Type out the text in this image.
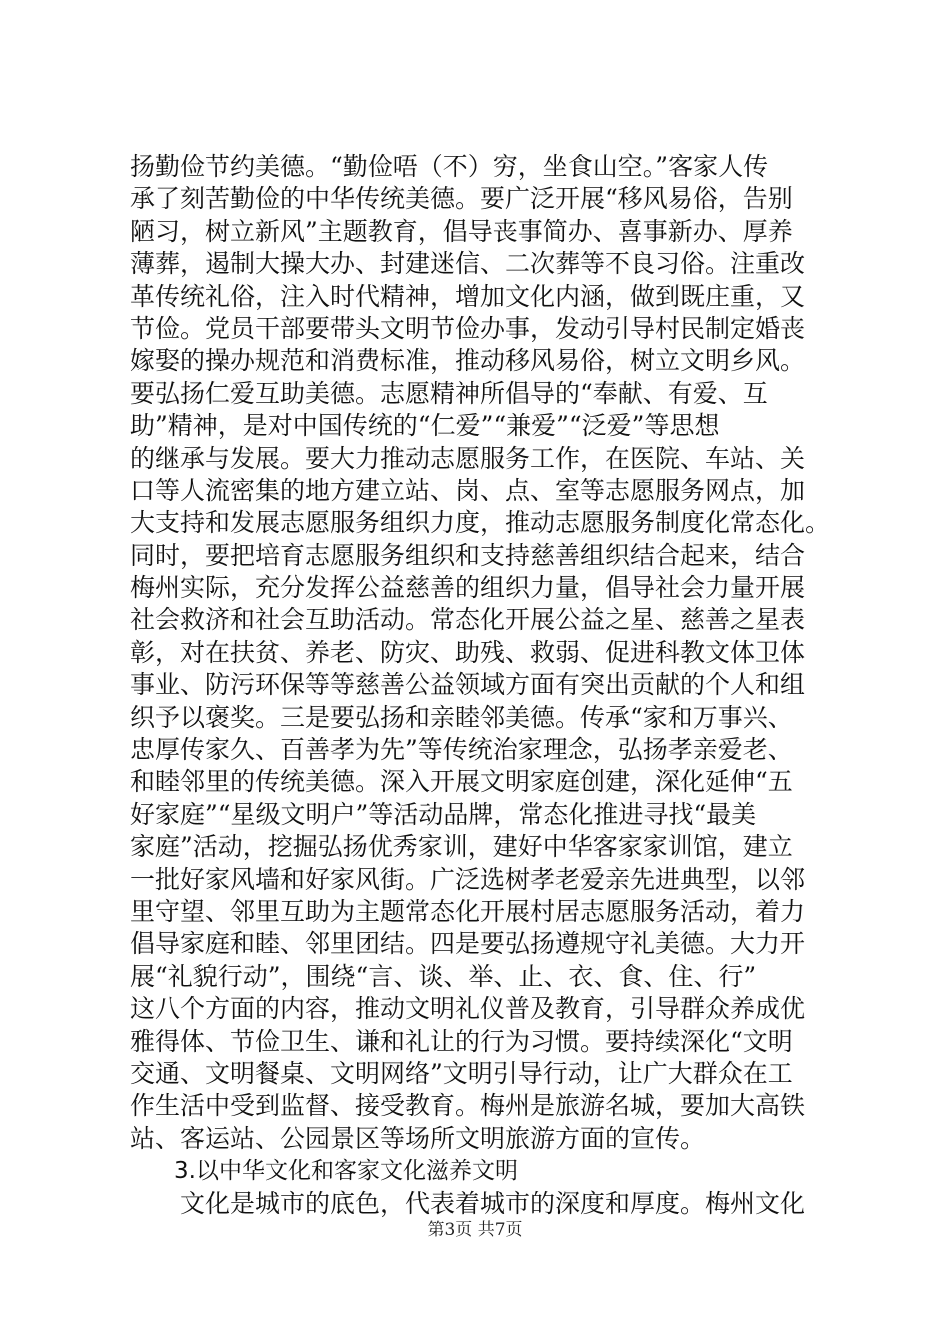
扬勤俭节约美德。“勤俭唔（不）穷，坐食山空。”客家人传
承了刻苦勤俭的中华传统美德。要广泛开展“移风易俗，告别
陋习，树立新风”主题教育，倡导丧事简办、喜事新办、厚养
薄葬，遏制大操大办、封建迷信、二次葬等不良习俗。注重改
革传统礼俗，注入时代精神，增加文化内涵，做到既庄重，又
节俭。党员干部要带头文明节俭办事，发动引导村民制定婚丧
嫁娶的操办规范和消费标准，推动移风易俗，树立文明乡风。
要弘扬仁爱互助美德。志愿精神所倡导的“奉献、有爱、互
助”精神，是对中国传统的“仁爱”“兼爱”“泛爱”等思想
的继承与发展。要大力推动志愿服务工作，在医院、车站、关
口等人流密集的地方建立站、岗、点、室等志愿服务网点，加
大支持和发展志愿服务组织力度，推动志愿服务制度化常态化。
同时，要把培育志愿服务组织和支持慈善组织结合起来，结合
梅州实际，充分发挥公益慈善的组织力量，倡导社会力量开展
社会救济和社会互助活动。常态化开展公益之星、慈善之星表
彰，对在扶贫、养老、防灾、助残、救弱、促进科教文体卫体
事业、防污环保等等慈善公益领域方面有突出贡献的个人和组
织予以褒奖。三是要弘扬和亲睦邻美德。传承“家和万事兴、
忠厚传家久、百善孝为先”等传统治家理念，弘扬孝亲爱老、
和睦邻里的传统美德。深入开展文明家庭创建，深化延伸“五
好家庭”“星级文明户”等活动品牌，常态化推进寻找“最美
家庭”活动，挖掘弘扬优秀家训，建好中华客家家训馆，建立
一批好家风墙和好家风街。广泛选树孝老爱亲先进典型，以邻
里守望、邻里互助为主题常态化开展村居志愿服务活动，着力
倡导家庭和睦、邻里团结。四是要弘扬遵规守礼美德。大力开
展“礼貌行动”，围绕“言、谈、举、止、衣、食、住、行”
这八个方面的内容，推动文明礼仪普及教育，引导群众养成优
雅得体、节俭卫生、谦和礼让的行为习惯。要持续深化“文明
交通、文明餐桌、文明网络”文明引导行动，让广大群众在工
作生活中受到监督、接受教育。梅州是旅游名城，要加大高铁
站、客运站、公园景区等场所文明旅游方面的宣传。
3.以中华文化和客家文化滋养文明
文化是城市的底色，代表着城市的深度和厚度。梅州文化
第3页 共7页
